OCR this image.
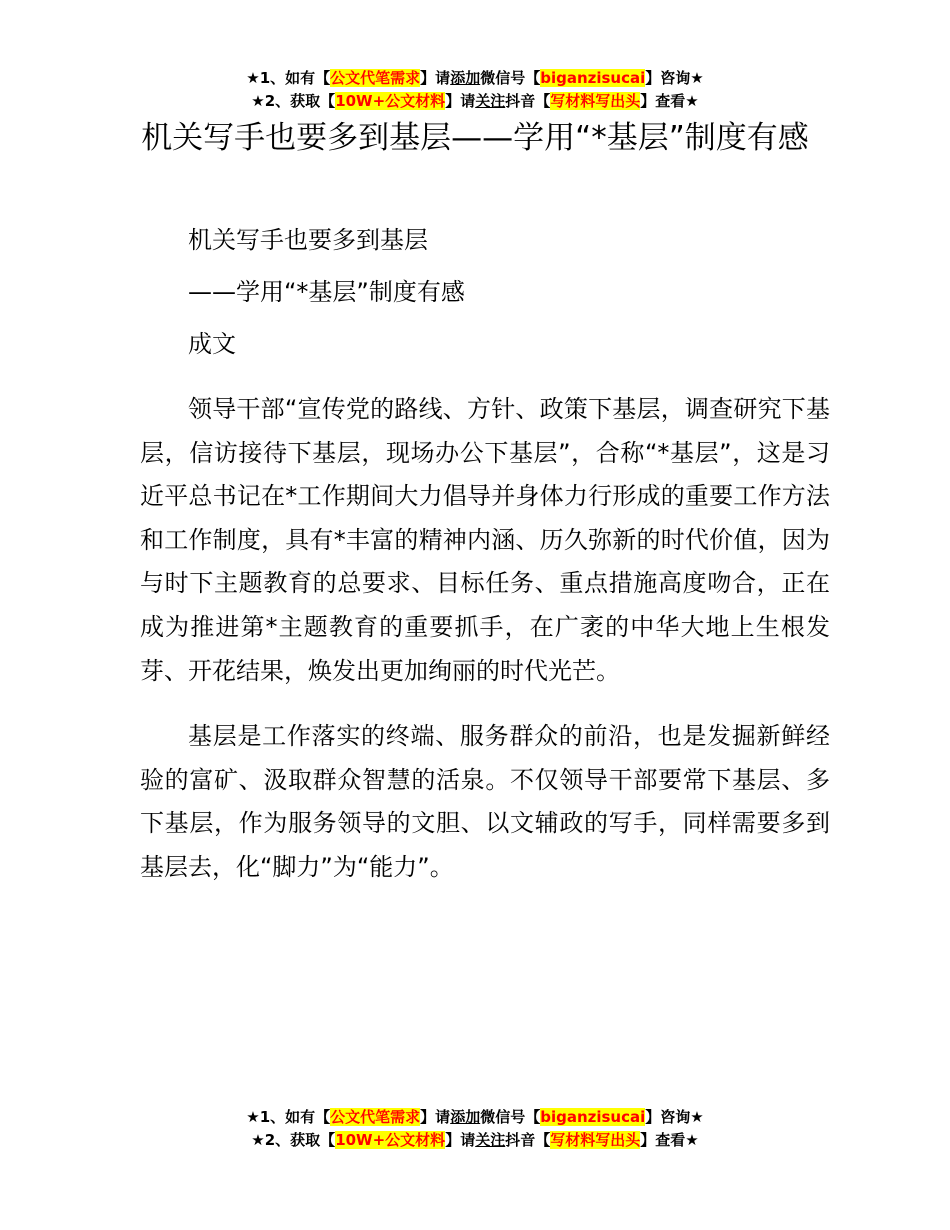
★1、如有【公文代笔需求】请添加微信号【biganzisucai】咨询★
★2、获取【10W+公文材料】请关注抖音【写材料写出头】查看★
机关写手也要多到基层——学用“*基层”制度有感

机关写手也要多到基层

——学用“*基层”制度有感

成文

领导干部“宣传党的路线、方针、政策下基层，调查研究下基层，信访接待下基层，现场办公下基层”，合称“*基层”，这是习近平总书记在*工作期间大力倡导并身体力行形成的重要工作方法和工作制度，具有*丰富的精神内涵、历久弥新的时代价值，因为与时下主题教育的总要求、目标任务、重点措施高度吻合，正在成为推进第*主题教育的重要抓手，在广袤的中华大地上生根发芽、开花结果，焕发出更加绚丽的时代光芒。

基层是工作落实的终端、服务群众的前沿，也是发掘新鲜经验的富矿、汲取群众智慧的活泉。不仅领导干部要常下基层、多下基层，作为服务领导的文胆、以文辅政的写手，同样需要多到基层去，化“脚力”为“能力”。

★1、如有【公文代笔需求】请添加微信号【biganzisucai】咨询★
★2、获取【10W+公文材料】请关注抖音【写材料写出头】查看★
